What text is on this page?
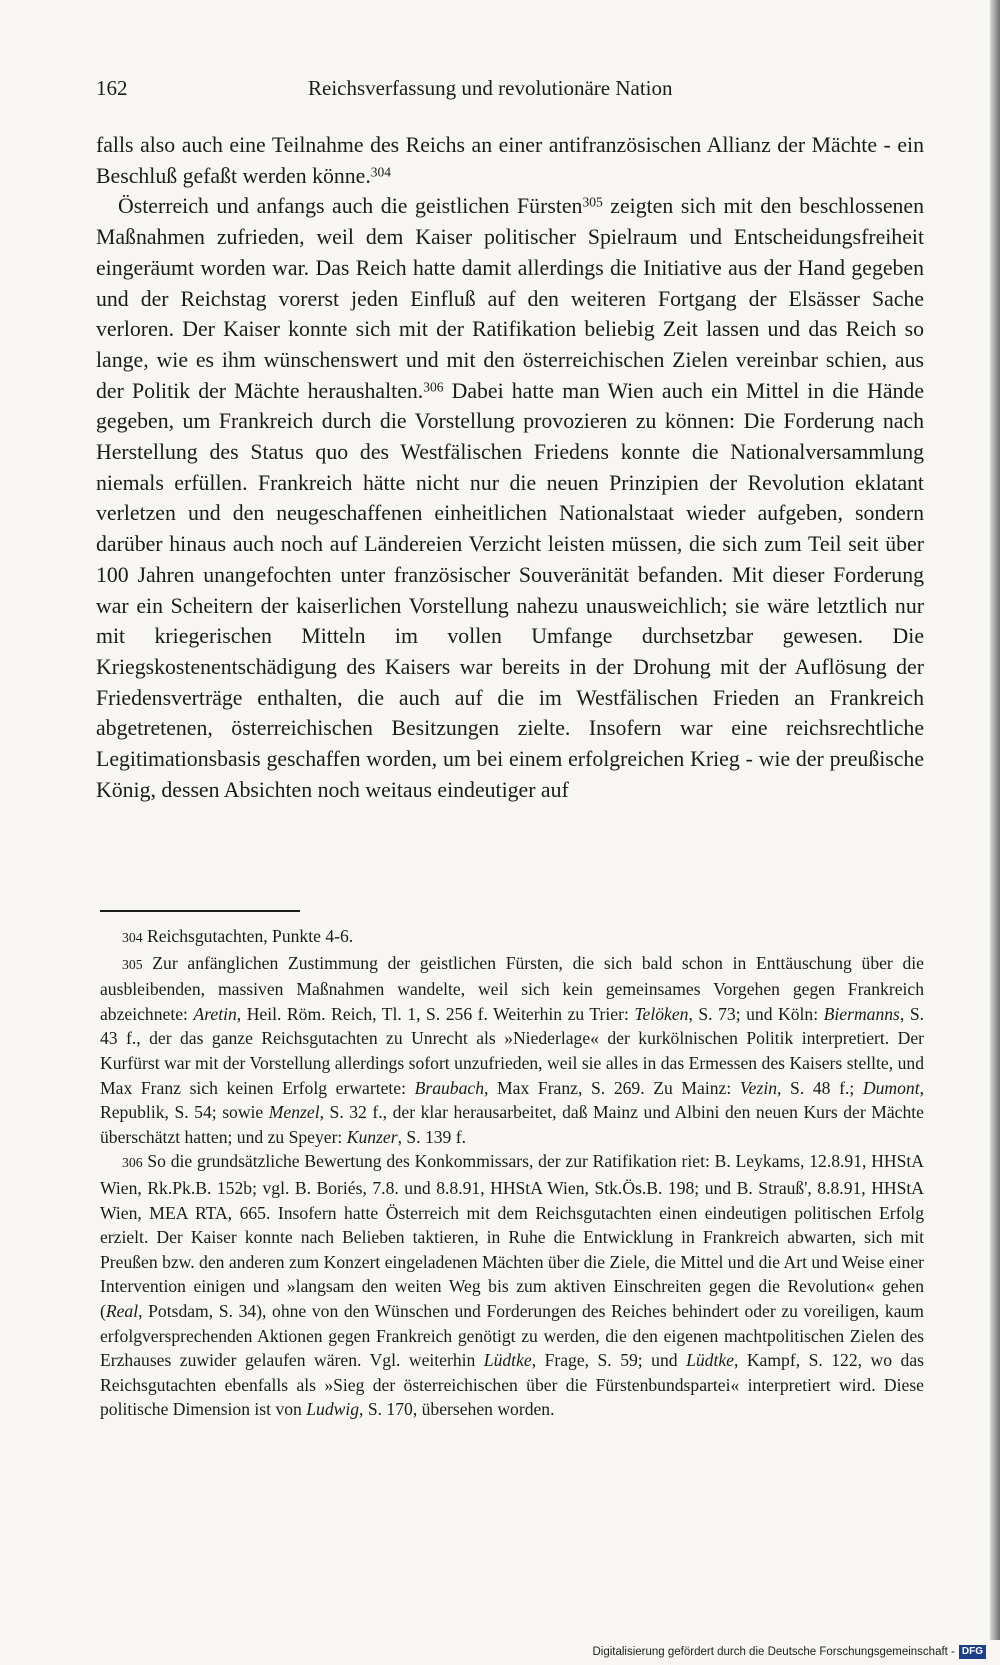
162	Reichsverfassung und revolutionäre Nation

falls also auch eine Teilnahme des Reichs an einer antifranzösischen Allianz der Mächte - ein Beschluß gefaßt werden könne.$^{304}$

Österreich und anfangs auch die geistlichen Fürsten$^{305}$ zeigten sich mit den beschlossenen Maßnahmen zufrieden, weil dem Kaiser politischer Spielraum und Entscheidungsfreiheit eingeräumt worden war. Das Reich hatte damit allerdings die Initiative aus der Hand gegeben und der Reichstag vorerst jeden Einfluß auf den weiteren Fortgang der Elsässer Sache verloren. Der Kaiser konnte sich mit der Ratifikation beliebig Zeit lassen und das Reich so lange, wie es ihm wünschenswert und mit den österreichischen Zielen vereinbar schien, aus der Politik der Mächte heraushalten.$^{306}$ Dabei hatte man Wien auch ein Mittel in die Hände gegeben, um Frankreich durch die Vorstellung provozieren zu können: Die Forderung nach Herstellung des Status quo des Westfälischen Friedens konnte die Nationalversammlung niemals erfüllen. Frankreich hätte nicht nur die neuen Prinzipien der Revolution eklatant verletzen und den neugeschaffenen einheitlichen Nationalstaat wieder aufgeben, sondern darüber hinaus auch noch auf Ländereien Verzicht leisten müssen, die sich zum Teil seit über 100 Jahren unangefochten unter französischer Souveränität befanden. Mit dieser Forderung war ein Scheitern der kaiserlichen Vorstellung nahezu unausweichlich; sie wäre letztlich nur mit kriegerischen Mitteln im vollen Umfange durchsetzbar gewesen. Die Kriegskostenentschädigung des Kaisers war bereits in der Drohung mit der Auflösung der Friedensverträge enthalten, die auch auf die im Westfälischen Frieden an Frankreich abgetretenen, österreichischen Besitzungen zielte. Insofern war eine reichsrechtliche Legitimationsbasis geschaffen worden, um bei einem erfolgreichen Krieg - wie der preußische König, dessen Absichten noch weitaus eindeutiger auf

304 Reichsgutachten, Punkte 4-6.

305 Zur anfänglichen Zustimmung der geistlichen Fürsten, die sich bald schon in Enttäuschung über die ausbleibenden, massiven Maßnahmen wandelte, weil sich kein gemeinsames Vorgehen gegen Frankreich abzeichnete: Aretin, Heil. Röm. Reich, Tl. 1, S. 256 f. Weiterhin zu Trier: Telöken, S. 73; und Köln: Biermanns, S. 43 f., der das ganze Reichsgutachten zu Unrecht als »Niederlage« der kurkölnischen Politik interpretiert. Der Kurfürst war mit der Vorstellung allerdings sofort unzufrieden, weil sie alles in das Ermessen des Kaisers stellte, und Max Franz sich keinen Erfolg erwartete: Braubach, Max Franz, S. 269. Zu Mainz: Vezin, S. 48 f.; Dumont, Republik, S. 54; sowie Menzel, S. 32 f., der klar herausarbeitet, daß Mainz und Albini den neuen Kurs der Mächte überschätzt hatten; und zu Speyer: Kunzer, S. 139 f.

306 So die grundsätzliche Bewertung des Konkommissars, der zur Ratifikation riet: B. Leykams, 12.8.91, HHStA Wien, Rk.Pk.B. 152b; vgl. B. Boriés, 7.8. und 8.8.91, HHStA Wien, Stk.Ös.B. 198; und B. Strauß', 8.8.91, HHStA Wien, MEA RTA, 665. Insofern hatte Österreich mit dem Reichsgutachten einen eindeutigen politischen Erfolg erzielt. Der Kaiser konnte nach Belieben taktieren, in Ruhe die Entwicklung in Frankreich abwarten, sich mit Preußen bzw. den anderen zum Konzert eingeladenen Mächten über die Ziele, die Mittel und die Art und Weise einer Intervention einigen und »langsam den weiten Weg bis zum aktiven Einschreiten gegen die Revolution« gehen (Real, Potsdam, S. 34), ohne von den Wünschen und Forderungen des Reiches behindert oder zu voreiligen, kaum erfolgversprechenden Aktionen gegen Frankreich genötigt zu werden, die den eigenen machtpolitischen Zielen des Erzhauses zuwider gelaufen wären. Vgl. weiterhin Lüdtke, Frage, S. 59; und Lüdtke, Kampf, S. 122, wo das Reichsgutachten ebenfalls als »Sieg der österreichischen über die Fürstenbundspartei« interpretiert wird. Diese politische Dimension ist von Ludwig, S. 170, übersehen worden.

Digitalisierung gefördert durch die Deutsche Forschungsgemeinschaft - DFG
